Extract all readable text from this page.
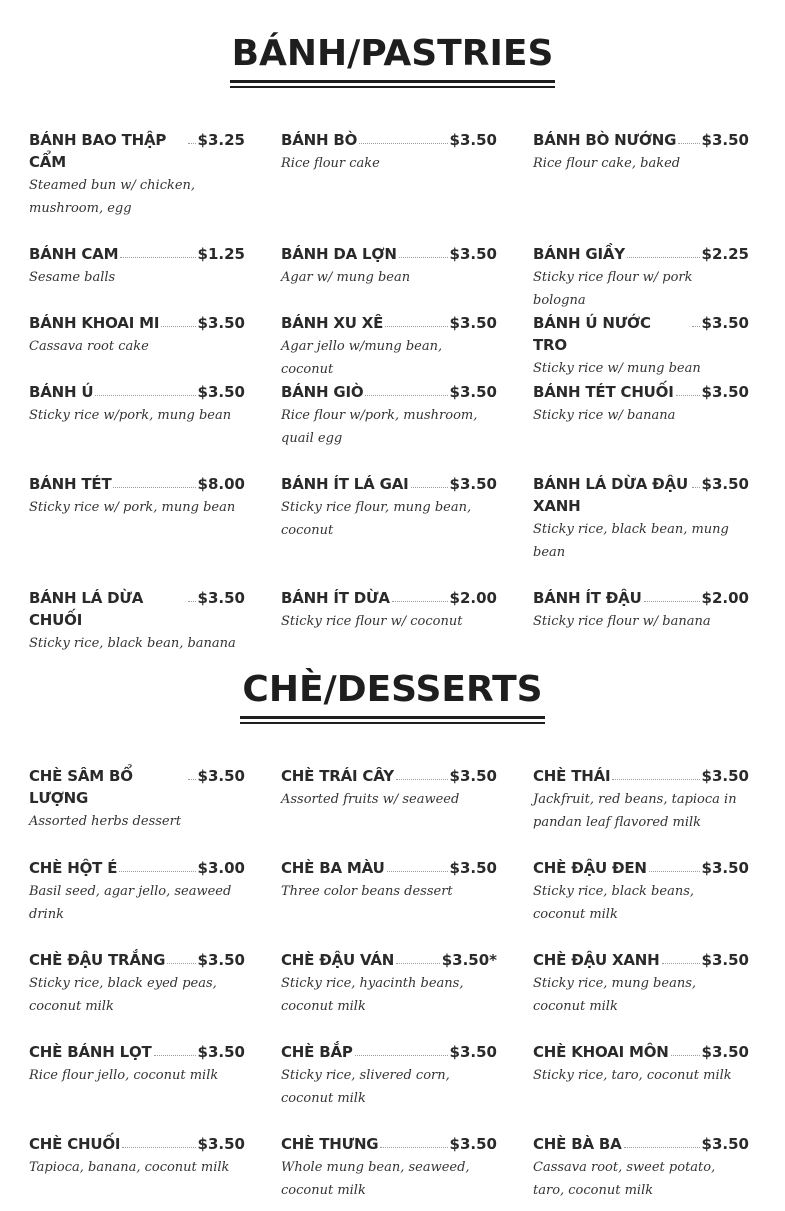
BÁNH/PASTRIES
BÁNH BAO THẬP CẨM
$3.25
Steamed bun w/ chicken, mushroom, egg
BÁNH BÒ	$3.50
Rice flour cake
BÁNH BÒ NƯỚNG $3.50
Rice flour cake, baked
BÁNH CAM	$1.25
Sesame balls
BÁNH DA LỢN	$3.50
Agar w/ mung bean
BÁNH GIẦY	$2.25
Sticky rice flour w/ pork bologna
BÁNH KHOAI MI	$3.50
Cassava root cake
BÁNH XU XÊ	$3.50
Agar jello w/mung bean, coconut
BÁNH Ú NƯỚC TRO
$3.50
Sticky rice w/ mung bean
BÁNH Ú	$3.50
Sticky rice w/pork, mung bean
BÁNH GIÒ	$3.50
Rice flour w/pork, mushroom, quail egg
BÁNH TÉT CHUỐI $3.50
Sticky rice w/ banana
BÁNH TÉT	$8.00
Sticky rice w/ pork, mung bean
BÁNH ÍT LÁ GAI	$3.50
Sticky rice flour, mung bean, coconut
BÁNH LÁ DỪA ĐẬU XANH
$3.50
Sticky rice, black bean, mung bean
BÁNH LÁ DỪA CHUỐI
$3.50
Sticky rice, black bean, banana
BÁNH ÍT DỪA	$2.00
Sticky rice flour w/ coconut
BÁNH ÍT ĐẬU	$2.00
Sticky rice flour w/ banana
CHÈ/DESSERTS
CHÈ SÂM BỔ LƯỢNG
$3.50
Assorted herbs dessert
CHÈ TRÁI CÂY	$3.50
Assorted fruits w/ seaweed
CHÈ THÁI	$3.50
Jackfruit, red beans, tapioca in pandan leaf flavored milk
CHÈ HỘT É	$3.00
Basil seed, agar jello, seaweed drink
CHÈ BA MÀU	$3.50
Three color beans dessert
CHÈ ĐẬU ĐEN	$3.50
Sticky rice, black beans, coconut milk
CHÈ ĐẬU TRẮNG $3.50
Sticky rice, black eyed peas, coconut milk
CHÈ ĐẬU VÁN	$3.50*
Sticky rice, hyacinth beans, coconut milk
CHÈ ĐẬU XANH	$3.50
Sticky rice, mung beans, coconut milk
CHÈ BÁNH LỌT	$3.50
Rice flour jello, coconut milk
CHÈ BẮP	$3.50
Sticky rice, slivered corn, coconut milk
CHÈ KHOAI MÔN $3.50
Sticky rice, taro, coconut milk
CHÈ CHUỐI	$3.50
Tapioca, banana, coconut milk
CHÈ THƯNG	$3.50
Whole mung bean, seaweed, coconut milk
CHÈ BÀ BA	$3.50
Cassava root, sweet potato, taro, coconut milk
